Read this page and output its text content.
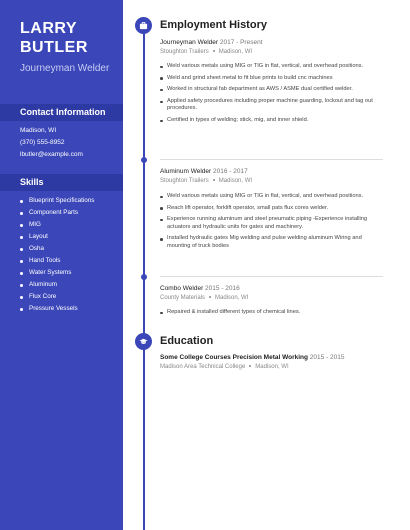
LARRY
BUTLER
Journeyman Welder
Contact Information
Madison, WI
(370) 555-8952
lbutler@example.com
Skills
Blueprint Specifications
Component Parts
MIG
Layout
Osha
Hand Tools
Water Systems
Aluminum
Flux Core
Pressure Vessels
Employment History
Journeyman Welder 2017 - Present
Stoughton Trailers Madison, WI
Weld various metals using MIG or TIG in flat, vertical, and overhead positions.
Weld and grind sheet metal to fit blue prints to build cnc machines
Worked in structural fab department as AWS / ASME dual certified welder.
Applied safety procedures including proper machine guarding, lockout and tag out procedures.
Certified in types of welding; stick, mig, and inner shield.
Aluminum Welder 2016 - 2017
Stoughton Trailers Madison, WI
Weld various metals using MIG or TIG in flat, vertical, and overhead positions.
Reach lift operator, forklift operator, small pats flux cores welder.
Experience running aluminum and steel pneumatic piping -Experience installing actuators and hydraulic units for gates and machinery.
Installed hydraulic gates Mig welding and pulse welding aluminum Wiring and mounting of truck bodies
Combo Welder 2015 - 2016
County Materials Madison, WI
Repaired & installed different types of chemical lines.
Education
Some College Courses Precision Metal Working 2015 - 2015
Madison Area Technical College Madison, WI
